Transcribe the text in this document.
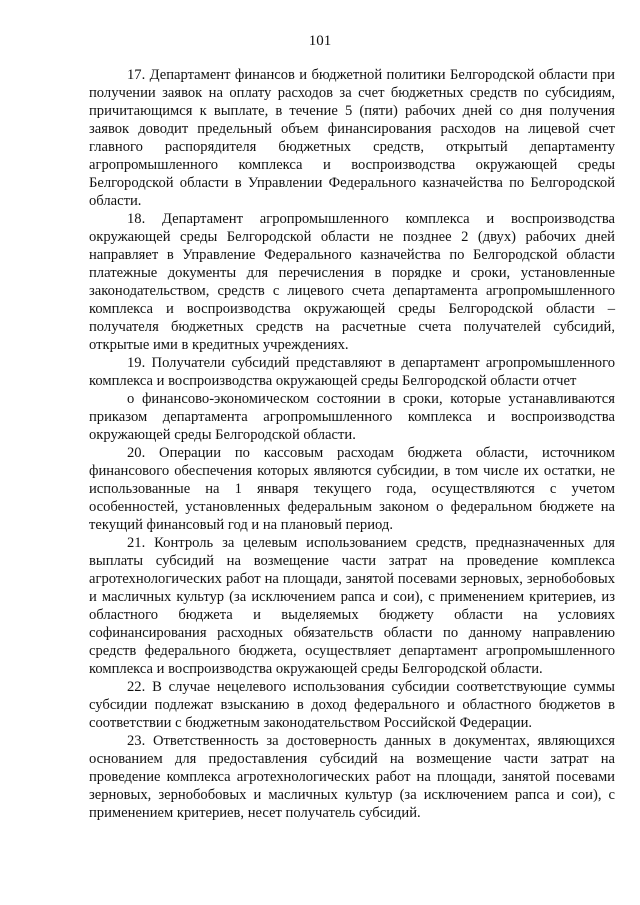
101

17. Департамент финансов и бюджетной политики Белгородской области при получении заявок на оплату расходов за счет бюджетных средств по субсидиям, причитающимся к выплате, в течение 5 (пяти) рабочих дней со дня получения заявок доводит предельный объем финансирования расходов на лицевой счет главного распорядителя бюджетных средств, открытый департаменту агропромышленного комплекса и воспроизводства окружающей среды Белгородской области в Управлении Федерального казначейства по Белгородской области.

18. Департамент агропромышленного комплекса и воспроизводства окружающей среды Белгородской области не позднее 2 (двух) рабочих дней направляет в Управление Федерального казначейства по Белгородской области платежные документы для перечисления в порядке и сроки, установленные законодательством, средств с лицевого счета департамента агропромышленного комплекса и воспроизводства окружающей среды Белгородской области – получателя бюджетных средств на расчетные счета получателей субсидий, открытые ими в кредитных учреждениях.

19. Получатели субсидий представляют в департамент агропромышленного комплекса и воспроизводства окружающей среды Белгородской области отчет

о финансово-экономическом состоянии в сроки, которые устанавливаются приказом департамента агропромышленного комплекса и воспроизводства окружающей среды Белгородской области.

20. Операции по кассовым расходам бюджета области, источником финансового обеспечения которых являются субсидии, в том числе их остатки, не использованные на 1 января текущего года, осуществляются с учетом особенностей, установленных федеральным законом о федеральном бюджете на текущий финансовый год и на плановый период.

21. Контроль за целевым использованием средств, предназначенных для выплаты субсидий на возмещение части затрат на проведение комплекса агротехнологических работ на площади, занятой посевами зерновых, зернобобовых и масличных культур (за исключением рапса и сои), с применением критериев, из областного бюджета и выделяемых бюджету области на условиях софинансирования расходных обязательств области по данному направлению средств федерального бюджета, осуществляет департамент агропромышленного комплекса и воспроизводства окружающей среды Белгородской области.

22. В случае нецелевого использования субсидии соответствующие суммы субсидии подлежат взысканию в доход федерального и областного бюджетов в соответствии с бюджетным законодательством Российской Федерации.

23. Ответственность за достоверность данных в документах, являющихся основанием для предоставления субсидий на возмещение части затрат на проведение комплекса агротехнологических работ на площади, занятой посевами зерновых, зернобобовых и масличных культур (за исключением рапса и сои), с применением критериев, несет получатель субсидий.
